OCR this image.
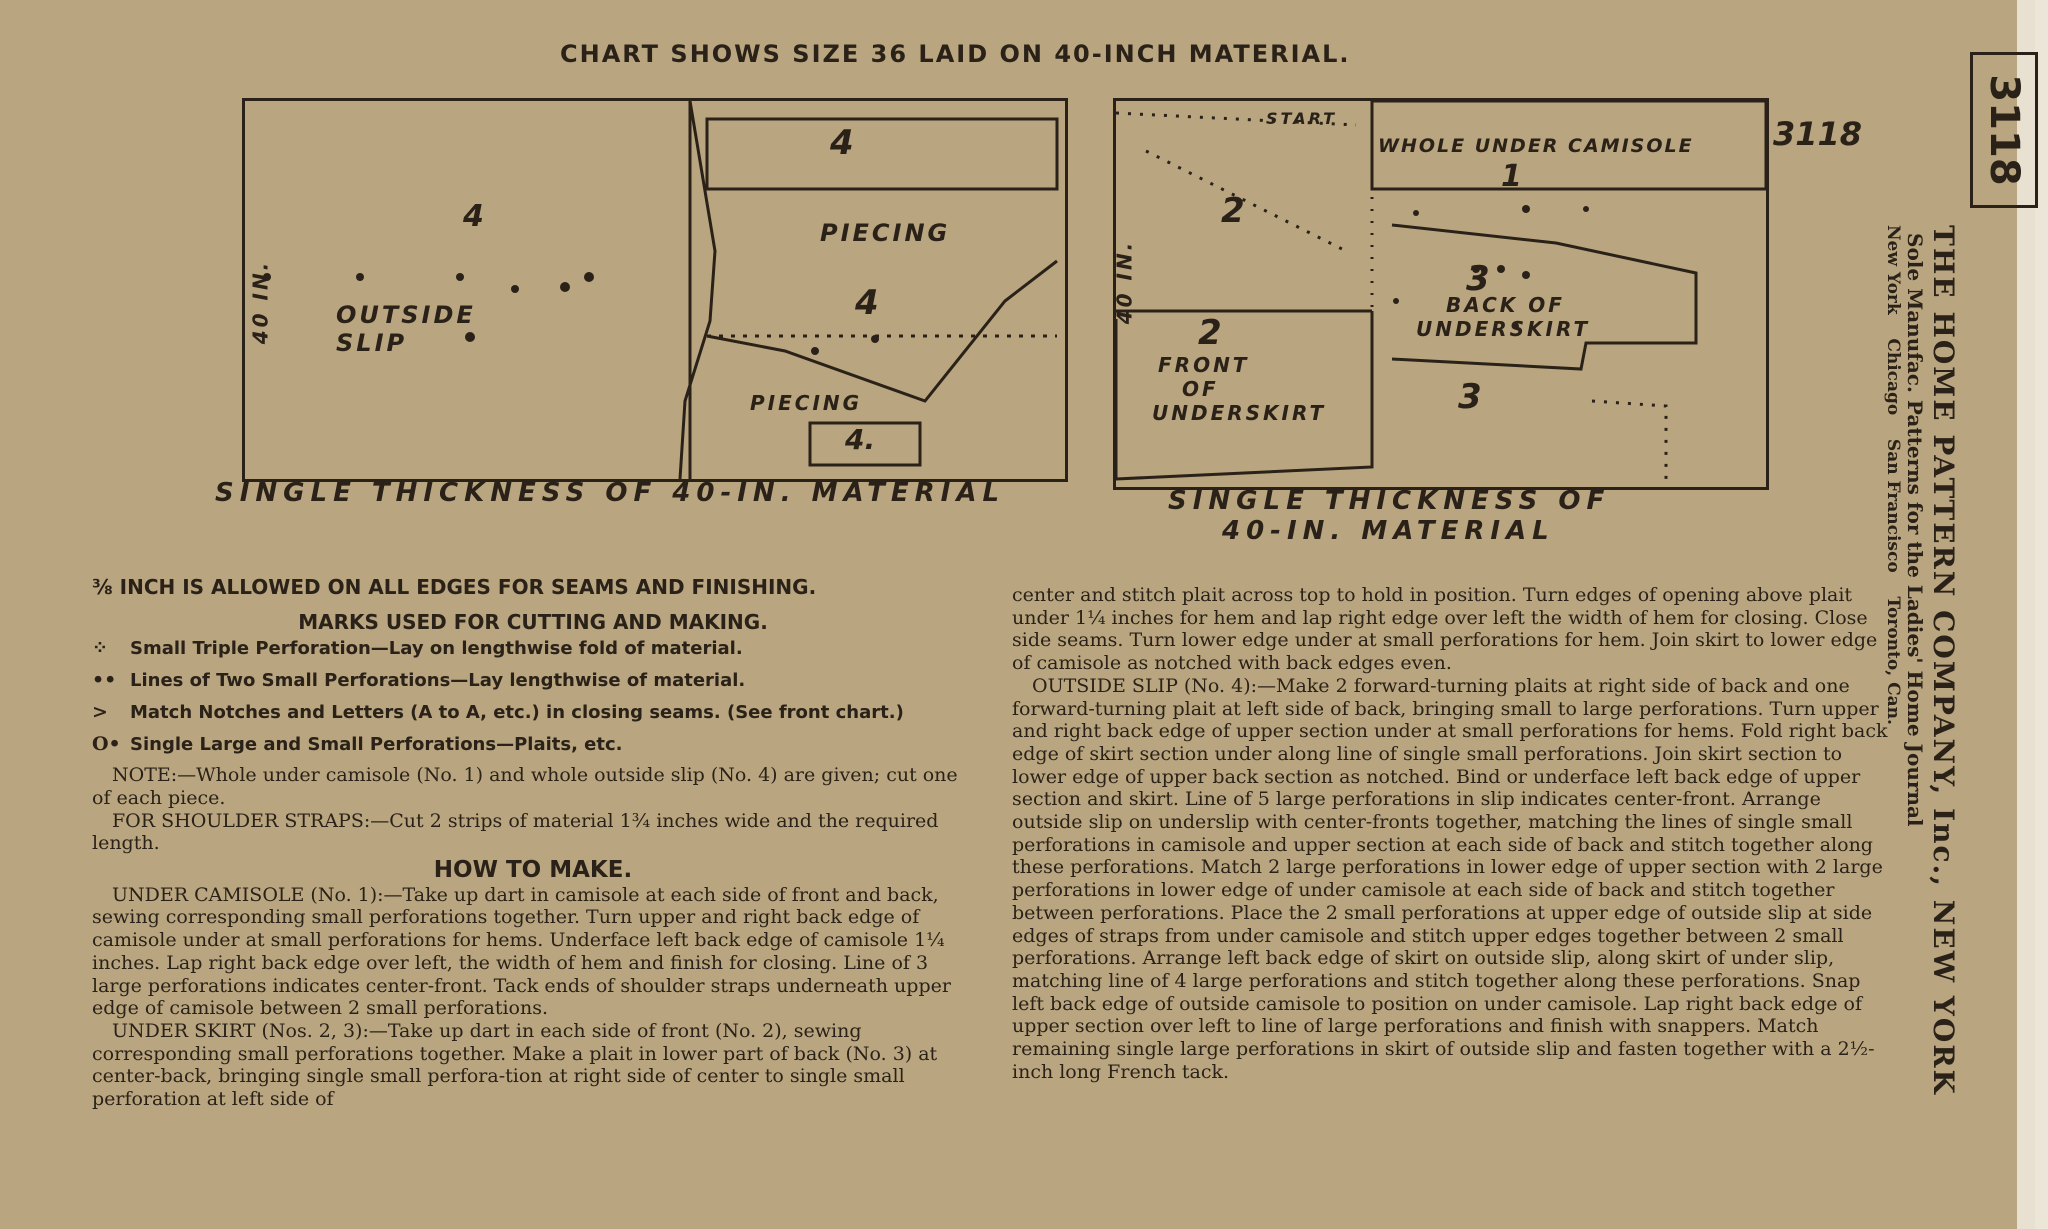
CHART SHOWS SIZE 36 LAID ON 40-INCH MATERIAL.
OUTSIDE
SLIP
4
PIECING
4
PIECING
4.
4
40 IN.
SINGLE THICKNESS OF 40-IN. MATERIAL
START
WHOLE UNDER CAMISOLE
1
2
3
BACK OF
UNDERSKIRT
2
FRONT
OF
UNDERSKIRT	3
40 IN.
3118
SINGLE THICKNESS OF
40-IN. MATERIAL

⅜ INCH IS ALLOWED ON ALL EDGES FOR SEAMS AND FINISHING.

MARKS USED FOR CUTTING AND MAKING.

⁘ Small Triple Perforation—Lay on lengthwise fold of material.

•• Lines of Two Small Perforations—Lay lengthwise of material.

> Match Notches and Letters (A to A, etc.) in closing seams. (See front chart.)

O• Single Large and Small Perforations—Plaits, etc.

NOTE:—Whole under camisole (No. 1) and whole outside slip (No. 4) are given; cut one of each piece.

FOR SHOULDER STRAPS:—Cut 2 strips of material 1¾ inches wide and the required length.

HOW TO MAKE.

UNDER CAMISOLE (No. 1):—Take up dart in camisole at each side of front and back, sewing corresponding small perforations together. Turn upper and right back edge of camisole under at small perforations for hems. Underface left back edge of camisole 1¼ inches. Lap right back edge over left, the width of hem and finish for closing. Line of 3 large perforations indicates center-front. Tack ends of shoulder straps underneath upper edge of camisole between 2 small perforations.

UNDER SKIRT (Nos. 2, 3):—Take up dart in each side of front (No. 2), sewing corresponding small perforations together. Make a plait in lower part of back (No. 3) at center-back, bringing single small perfora-tion at right side of center to single small perforation at left side of

center and stitch plait across top to hold in position. Turn edges of opening above plait under 1¼ inches for hem and lap right edge over left the width of hem for closing. Close side seams. Turn lower edge under at small perforations for hem. Join skirt to lower edge of camisole as notched with back edges even.

OUTSIDE SLIP (No. 4):—Make 2 forward-turning plaits at right side of back and one forward-turning plait at left side of back, bringing small to large perforations. Turn upper and right back edge of upper section under at small perforations for hems. Fold right back edge of skirt section under along line of single small perforations. Join skirt section to lower edge of upper back section as notched. Bind or underface left back edge of upper section and skirt. Line of 5 large perforations in slip indicates center-front. Arrange outside slip on underslip with center-fronts together, matching the lines of single small perforations in camisole and upper section at each side of back and stitch together along these perforations. Match 2 large perforations in lower edge of upper section with 2 large perforations in lower edge of under camisole at each side of back and stitch together between perforations. Place the 2 small perforations at upper edge of outside slip at side edges of straps from under camisole and stitch upper edges together between 2 small perforations. Arrange left back edge of skirt on outside slip, along skirt of under slip, matching line of 4 large perforations and stitch together along these perforations. Snap left back edge of outside camisole to position on under camisole. Lap right back edge of upper section over left to line of large perforations and finish with snappers. Match remaining single large perforations in skirt of outside slip and fasten together with a 2½-inch long French tack.

3118
THE HOME PATTERN COMPANY, Inc., NEW YORK
Sole Manufac. Patterns for the Ladies' Home Journal
New York    Chicago    San Francisco    Toronto, Can.
